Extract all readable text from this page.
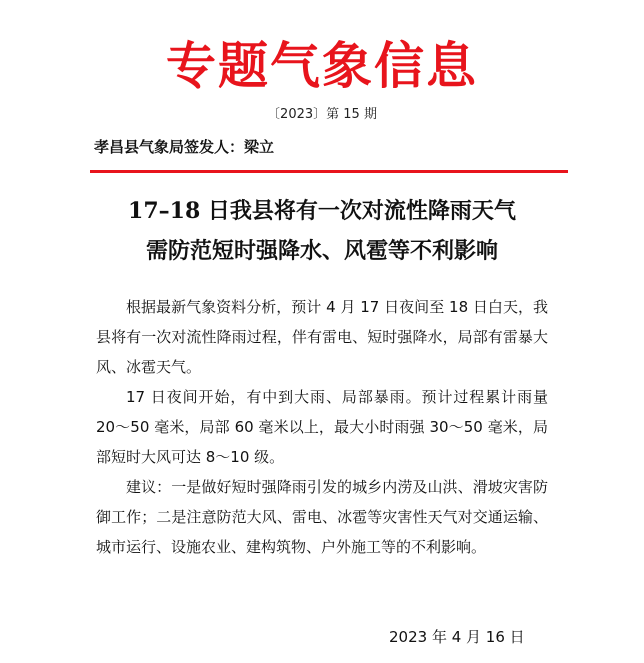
专题气象信息
〔2023〕第 15 期
孝昌县气象局签发人：梁立
17–18 日我县将有一次对流性降雨天气
需防范短时强降水、风雹等不利影响

根据最新气象资料分析，预计 4 月 17 日夜间至 18 日白天，我县将有一次对流性降雨过程，伴有雷电、短时强降水，局部有雷暴大风、冰雹天气。

17 日夜间开始，有中到大雨、局部暴雨。预计过程累计雨量 20～50 毫米，局部 60 毫米以上，最大小时雨强 30～50 毫米，局部短时大风可达 8～10 级。

建议：一是做好短时强降雨引发的城乡内涝及山洪、滑坡灾害防御工作；二是注意防范大风、雷电、冰雹等灾害性天气对交通运输、城市运行、设施农业、建构筑物、户外施工等的不利影响。

2023 年 4 月 16 日
